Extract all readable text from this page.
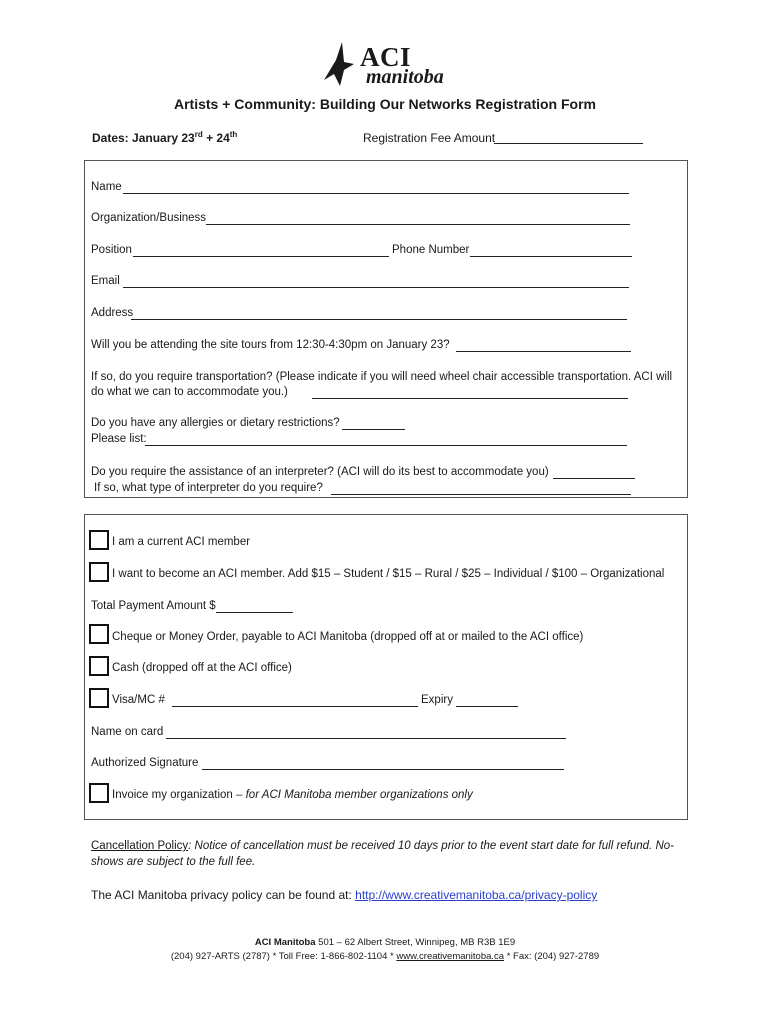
ACI
manitoba
Artists + Community: Building Our Networks Registration Form
Dates: January 23rd + 24th	Registration Fee Amount
Name
Organization/Business
Position	Phone Number
Email
Address
Will you be attending the site tours from 12:30-4:30pm on January 23?
If so, do you require transportation? (Please indicate if you will need wheel chair accessible transportation. ACI will
do what we can to accommodate you.)
Do you have any allergies or dietary restrictions?
Please list:
Do you require the assistance of an interpreter? (ACI will do its best to accommodate you)
If so, what type of interpreter do you require?
I am a current ACI member
I want to become an ACI member. Add $15 – Student / $15 – Rural / $25 – Individual / $100 – Organizational
Total Payment Amount $
Cheque or Money Order, payable to ACI Manitoba (dropped off at or mailed to the ACI office)
Cash (dropped off at the ACI office)
Visa/MC #	Expiry
Name on card
Authorized Signature
Invoice my organization – for ACI Manitoba member organizations only
Cancellation Policy: Notice of cancellation must be received 10 days prior to the event start date for full refund. No-
shows are subject to the full fee.
The ACI Manitoba privacy policy can be found at: http://www.creativemanitoba.ca/privacy-policy
ACI Manitoba 501 – 62 Albert Street, Winnipeg, MB R3B 1E9
(204) 927-ARTS (2787) * Toll Free: 1-866-802-1104 * www.creativemanitoba.ca * Fax: (204) 927-2789
